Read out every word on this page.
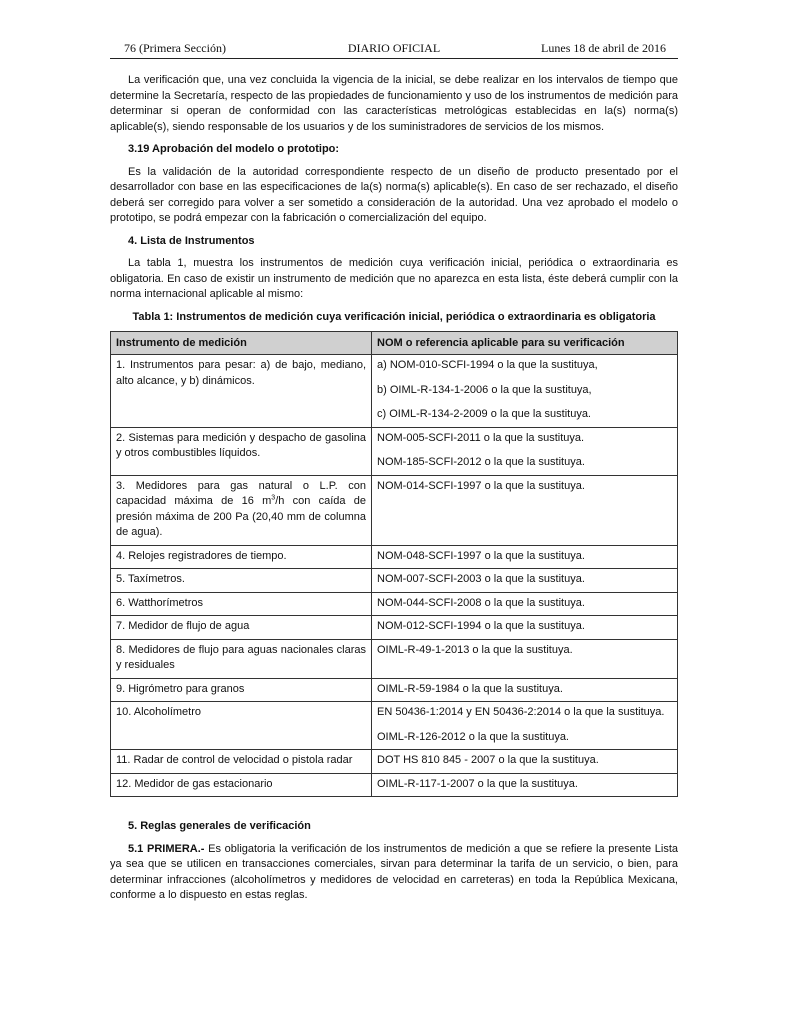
76 (Primera Sección)	DIARIO OFICIAL	Lunes 18 de abril de 2016

La verificación que, una vez concluida la vigencia de la inicial, se debe realizar en los intervalos de tiempo que determine la Secretaría, respecto de las propiedades de funcionamiento y uso de los instrumentos de medición para determinar si operan de conformidad con las características metrológicas establecidas en la(s) norma(s) aplicable(s), siendo responsable de los usuarios y de los suministradores de servicios de los mismos.

3.19 Aprobación del modelo o prototipo:

Es la validación de la autoridad correspondiente respecto de un diseño de producto presentado por el desarrollador con base en las especificaciones de la(s) norma(s) aplicable(s). En caso de ser rechazado, el diseño deberá ser corregido para volver a ser sometido a consideración de la autoridad. Una vez aprobado el modelo o prototipo, se podrá empezar con la fabricación o comercialización del equipo.

4. Lista de Instrumentos

La tabla 1, muestra los instrumentos de medición cuya verificación inicial, periódica o extraordinaria es obligatoria. En caso de existir un instrumento de medición que no aparezca en esta lista, éste deberá cumplir con la norma internacional aplicable al mismo:

Tabla 1: Instrumentos de medición cuya verificación inicial, periódica o extraordinaria es obligatoria

Instrumento de medición	NOM o referencia aplicable para su verificación
1. Instrumentos para pesar: a) de bajo, mediano, alto alcance, y b) dinámicos.	a) NOM-010-SCFI-1994 o la que la sustituya,
b) OIML-R-134-1-2006 o la que la sustituya,
c) OIML-R-134-2-2009 o la que la sustituya.

2. Sistemas para medición y despacho de gasolina y otros combustibles líquidos.	NOM-005-SCFI-2011 o la que la sustituya.
NOM-185-SCFI-2012 o la que la sustituya.

3. Medidores para gas natural o L.P. con capacidad máxima de 16 $m^3/h$ con caída de presión máxima de 200 Pa (20,40 mm de columna de agua).	NOM-014-SCFI-1997 o la que la sustituya.

4. Relojes registradores de tiempo.	NOM-048-SCFI-1997 o la que la sustituya.

5. Taxímetros.	NOM-007-SCFI-2003 o la que la sustituya.

6. Watthorímetros	NOM-044-SCFI-2008 o la que la sustituya.

7. Medidor de flujo de agua	NOM-012-SCFI-1994 o la que la sustituya.

8. Medidores de flujo para aguas nacionales claras y residuales	OIML-R-49-1-2013 o la que la sustituya.

9. Higrómetro para granos	OIML-R-59-1984 o la que la sustituya.

10. Alcoholímetro	EN 50436-1:2014 y EN 50436-2:2014 o la que la sustituya.
OIML-R-126-2012 o la que la sustituya.

11. Radar de control de velocidad o pistola radar	DOT HS 810 845 - 2007 o la que la sustituya.

12. Medidor de gas estacionario	OIML-R-117-1-2007 o la que la sustituya.

5. Reglas generales de verificación

5.1 PRIMERA.- Es obligatoria la verificación de los instrumentos de medición a que se refiere la presente Lista ya sea que se utilicen en transacciones comerciales, sirvan para determinar la tarifa de un servicio, o bien, para determinar infracciones (alcoholímetros y medidores de velocidad en carreteras) en toda la República Mexicana, conforme a lo dispuesto en estas reglas.
